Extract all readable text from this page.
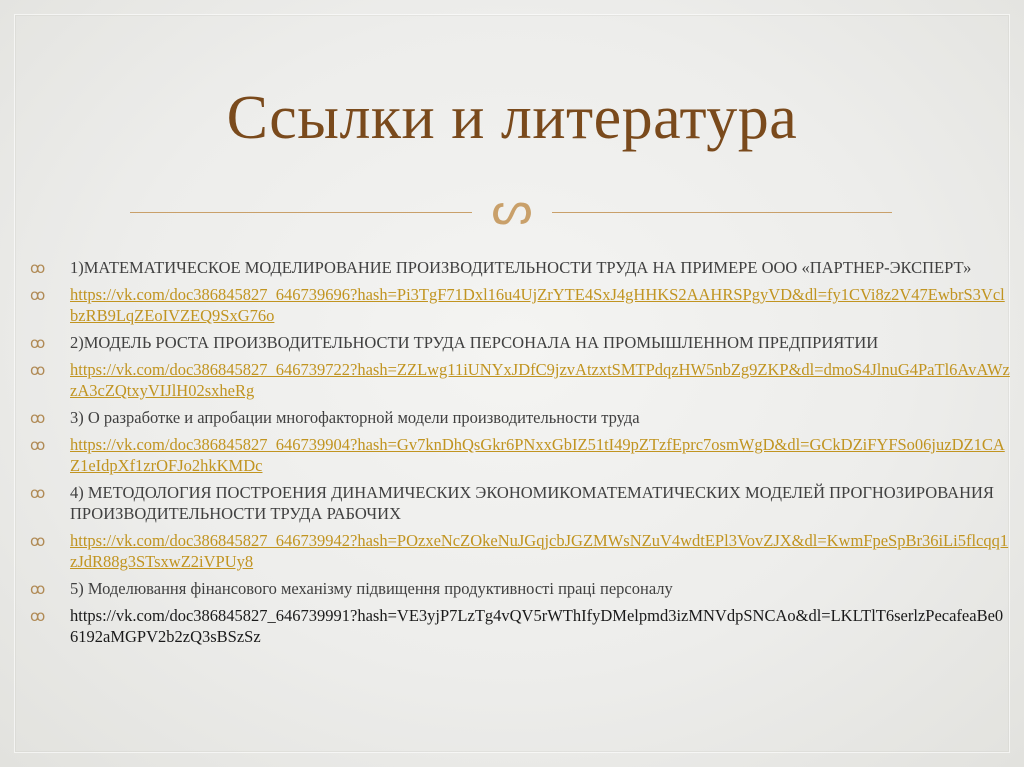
Ссылки и литература
ᔕ
ꝏ	1)МАТЕМАТИЧЕСКОЕ МОДЕЛИРОВАНИЕ ПРОИЗВОДИТЕЛЬНОСТИ ТРУДА НА ПРИМЕРЕ ООО «ПАРТНЕР-ЭКСПЕРТ»
ꝏ	https://vk.com/doc386845827_646739696?hash=Pi3TgF71Dxl16u4UjZrYTE4SxJ4gHHKS2AAHRSPgyVD&dl=fy1CVi8z2V47EwbrS3VclbzRB9LqZEoIVZEQ9SxG76o
ꝏ	2)МОДЕЛЬ РОСТА ПРОИЗВОДИТЕЛЬНОСТИ ТРУДА ПЕРСОНАЛА НА ПРОМЫШЛЕННОМ ПРЕДПРИЯТИИ
ꝏ	https://vk.com/doc386845827_646739722?hash=ZZLwg11iUNYxJDfC9jzvAtzxtSMTPdqzHW5nbZg9ZKP&dl=dmoS4JlnuG4PaTl6AvAWzzA3cZQtxyVIJlH02sxheRg
ꝏ	3) О разработке и апробации многофакторной модели производительности труда
ꝏ	https://vk.com/doc386845827_646739904?hash=Gv7knDhQsGkr6PNxxGbIZ51tI49pZTzfEprc7osmWgD&dl=GCkDZiFYFSo06juzDZ1CAZ1eIdpXf1zrOFJo2hkKMDc
ꝏ	4) МЕТОДОЛОГИЯ ПОСТРОЕНИЯ ДИНАМИЧЕСКИХ ЭКОНОМИКОМАТЕМАТИЧЕСКИХ МОДЕЛЕЙ ПРОГНОЗИРОВАНИЯ ПРОИЗВОДИТЕЛЬНОСТИ ТРУДА РАБОЧИХ
ꝏ	https://vk.com/doc386845827_646739942?hash=POzxeNcZOkeNuJGqjcbJGZMWsNZuV4wdtEPl3VovZJX&dl=KwmFpeSpBr36iLi5flcqq1zJdR88g3STsxwZ2iVPUy8
ꝏ	5) Моделювання фінансового механізму підвищення продуктивності праці персоналу
ꝏ	https://vk.com/doc386845827_646739991?hash=VE3yjP7LzTg4vQV5rWThIfyDMelpmd3izMNVdpSNCAo&dl=LKLTlT6serlzPecafeaBe06192aMGPV2b2zQ3sBSzSz
